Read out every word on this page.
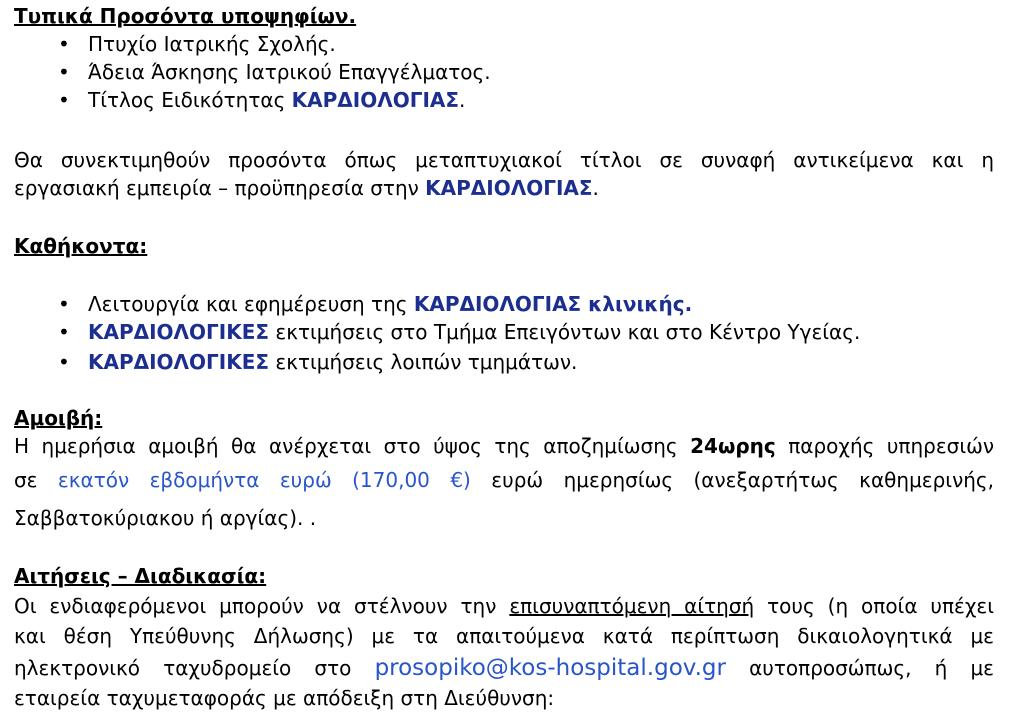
Τυπικά Προσόντα υποψηφίων.
• Πτυχίο Ιατρικής Σχολής.
• Άδεια Άσκησης Ιατρικού Επαγγέλματος.
• Τίτλος Ειδικότητας ΚΑΡΔΙΟΛΟΓΙΑΣ.
Θα συνεκτιμηθούν προσόντα όπως μεταπτυχιακοί τίτλοι σε συναφή αντικείμενα και η
εργασιακή εμπειρία – προϋπηρεσία στην ΚΑΡΔΙΟΛΟΓΙΑΣ.
Καθήκοντα:
• Λειτουργία και εφημέρευση της ΚΑΡΔΙΟΛΟΓΙΑΣ κλινικής.
• ΚΑΡΔΙΟΛΟΓΙΚΕΣ εκτιμήσεις στο Τμήμα Επειγόντων και στο Κέντρο Υγείας.
• ΚΑΡΔΙΟΛΟΓΙΚΕΣ εκτιμήσεις λοιπών τμημάτων.
Αμοιβή:
Η ημερήσια αμοιβή θα ανέρχεται στο ύψος της αποζημίωσης 24ωρης παροχής υπηρεσιών
σε εκατόν εβδομήντα ευρώ (170,00 €) ευρώ ημερησίως (ανεξαρτήτως καθημερινής,
Σαββατοκύριακου ή αργίας). .
Αιτήσεις – Διαδικασία:
Οι ενδιαφερόμενοι μπορούν να στέλνουν την επισυναπτόμενη αίτησή τους (η οποία υπέχει
και θέση Υπεύθυνης Δήλωσης) με τα απαιτούμενα κατά περίπτωση δικαιολογητικά με
ηλεκτρονικό ταχυδρομείο στο prosopiko@kos-hospital.gov.gr αυτοπροσώπως, ή με
εταιρεία ταχυμεταφοράς με απόδειξη στη Διεύθυνση:
